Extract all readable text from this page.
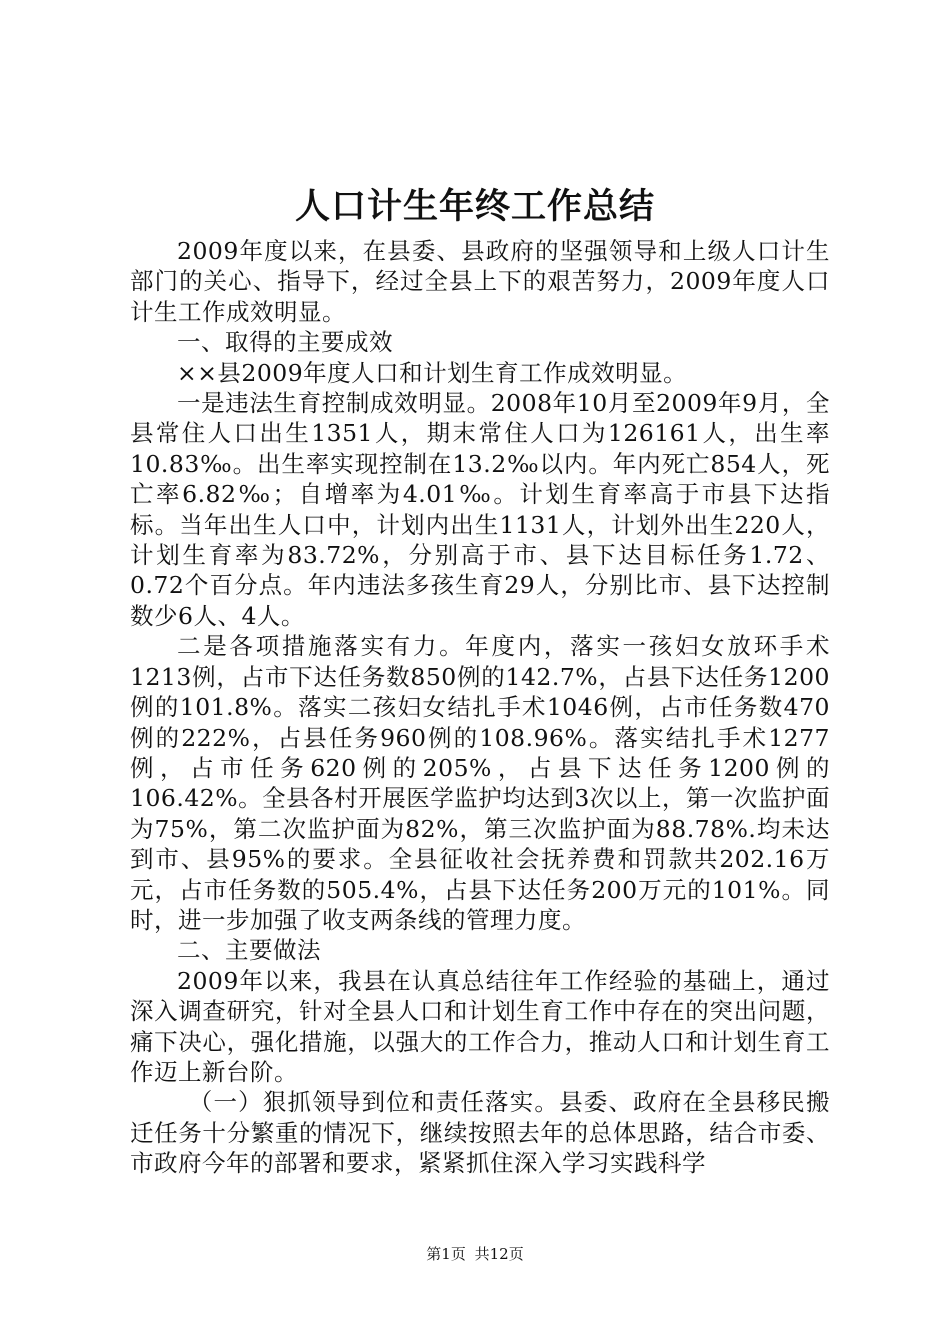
人口计生年终工作总结

2009年度以来，在县委、县政府的坚强领导和上级人口计生部门的关心、指导下，经过全县上下的艰苦努力，2009年度人口计生工作成效明显。

一、取得的主要成效

××县2009年度人口和计划生育工作成效明显。

一是违法生育控制成效明显。2008年10月至2009年9月，全县常住人口出生1351人，期末常住人口为126161人，出生率10.83‰。出生率实现控制在13.2‰以内。年内死亡854人，死亡率6.82‰；自增率为4.01‰。计划生育率高于市县下达指标。当年出生人口中，计划内出生1131人，计划外出生220人，计划生育率为83.72%，分别高于市、县下达目标任务1.72、0.72个百分点。年内违法多孩生育29人，分别比市、县下达控制数少6人、4人。

二是各项措施落实有力。年度内，落实一孩妇女放环手术1213例，占市下达任务数850例的142.7%，占县下达任务1200例的101.8%。落实二孩妇女结扎手术1046例，占市任务数470例的222%，占县任务960例的108.96%。落实结扎手术1277例，占市任务620例的205%，占县下达任务1200例的106.42%。全县各村开展医学监护均达到3次以上，第一次监护面为75%，第二次监护面为82%，第三次监护面为88.78%.均未达到市、县95%的要求。全县征收社会抚养费和罚款共202.16万元，占市任务数的505.4%，占县下达任务200万元的101%。同时，进一步加强了收支两条线的管理力度。

二、主要做法

2009年以来，我县在认真总结往年工作经验的基础上，通过深入调查研究，针对全县人口和计划生育工作中存在的突出问题，痛下决心，强化措施，以强大的工作合力，推动人口和计划生育工作迈上新台阶。

（一）狠抓领导到位和责任落实。县委、政府在全县移民搬迁任务十分繁重的情况下，继续按照去年的总体思路，结合市委、市政府今年的部署和要求，紧紧抓住深入学习实践科学

第1页 共12页
